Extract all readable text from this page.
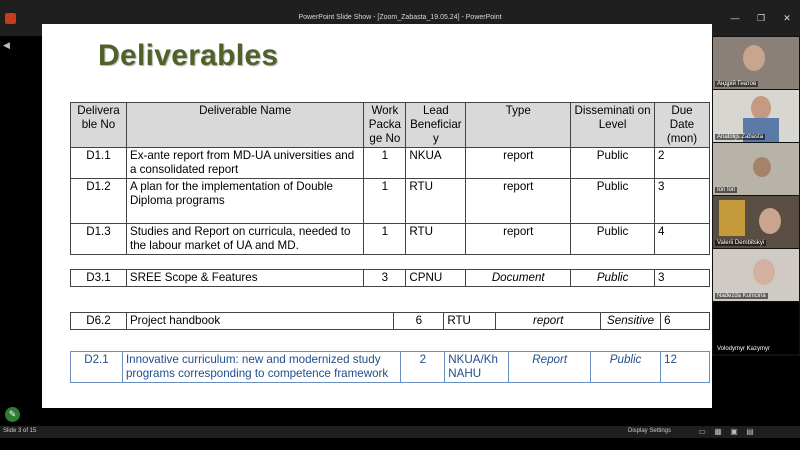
PowerPoint Slide Show - [Zoom_Zabasta_19.05.24] - PowerPoint	—	❐	✕
◀	Deliverables
Delivera ble No	Deliverable Name	Work Packa ge No	Lead Beneficiar y	Type	Disseminati on Level	Due Date (mon)
D1.1	Ex-ante report from MD-UA universities and a consolidated report	1	NKUA	report	Public	2
D1.2	A plan for the implementation of Double Diploma programs	1	RTU	report	Public	3
D1.3	Studies and Report on curricula, needed to the labour market of UA and MD.	1	RTU	report	Public	4
D3.1	SREE Scope & Features	3	CPNU	Document	Public	3
D6.2	Project handbook	6	RTU	report	Sensitive	6
D2.1	Innovative curriculum: new and modernized study programs corresponding to competence framework	2	NKUA/Kh NAHU	Report	Public	12
Андрій Гнатов
Anatolijs Zabasta
Ion Ion
Valerii Dembitskyi
Nadezda Kunicina
Volodymyr Kazymyr
✎
Slide 3 of 15	Display Settings	▭	▦	▣	▤
